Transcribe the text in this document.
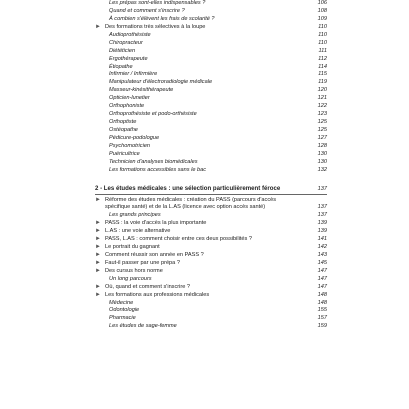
Les prépas sont-elles indispensables ?	106
Quand et comment s'inscrire ?	108
À combien s'élèvent les frais de scolarité ?	109
► Des formations très sélectives à la loupe	110
Audioprothésiste	110
Chiropracteur	110
Diététicien	111
Ergothérapeute	112
Étiopathe	114
Infirmier / Infirmière	115
Manipulateur d'électroradiologie médicale	119
Masseur-kinésithérapeute	120
Opticien-lunetier	121
Orthophoniste	122
Orthoprothésiste et podo-orthésiste	123
Orthoptiste	125
Ostéopathe	125
Pédicure-podologue	127
Psychomotricien	128
Puéricultrice	130
Technicien d'analyses biomédicales	130
Les formations accessibles sans le bac	132
2 - Les études médicales : une sélection particulièrement féroce	137
► Réforme des études médicales : création du PASS (parcours d'accès
spécifique santé) et de la L.AS (licence avec option accès santé)	137
Les grands principes	137
► PASS : la voie d'accès la plus importante	139
► L.AS : une voie alternative	139
► PASS, L.AS : comment choisir entre ces deux possibilités ?	141
► Le portrait du gagnant	142
► Comment réussir son année en PASS ?	143
► Faut-il passer par une prépa ?	145
► Des cursus hors norme	147
Un long parcours	147
► Où, quand et comment s'inscrire ?	147
► Les formations aux professions médicales	148
Médecine	148
Odontologie	155
Pharmacie	157
Les études de sage-femme	159
